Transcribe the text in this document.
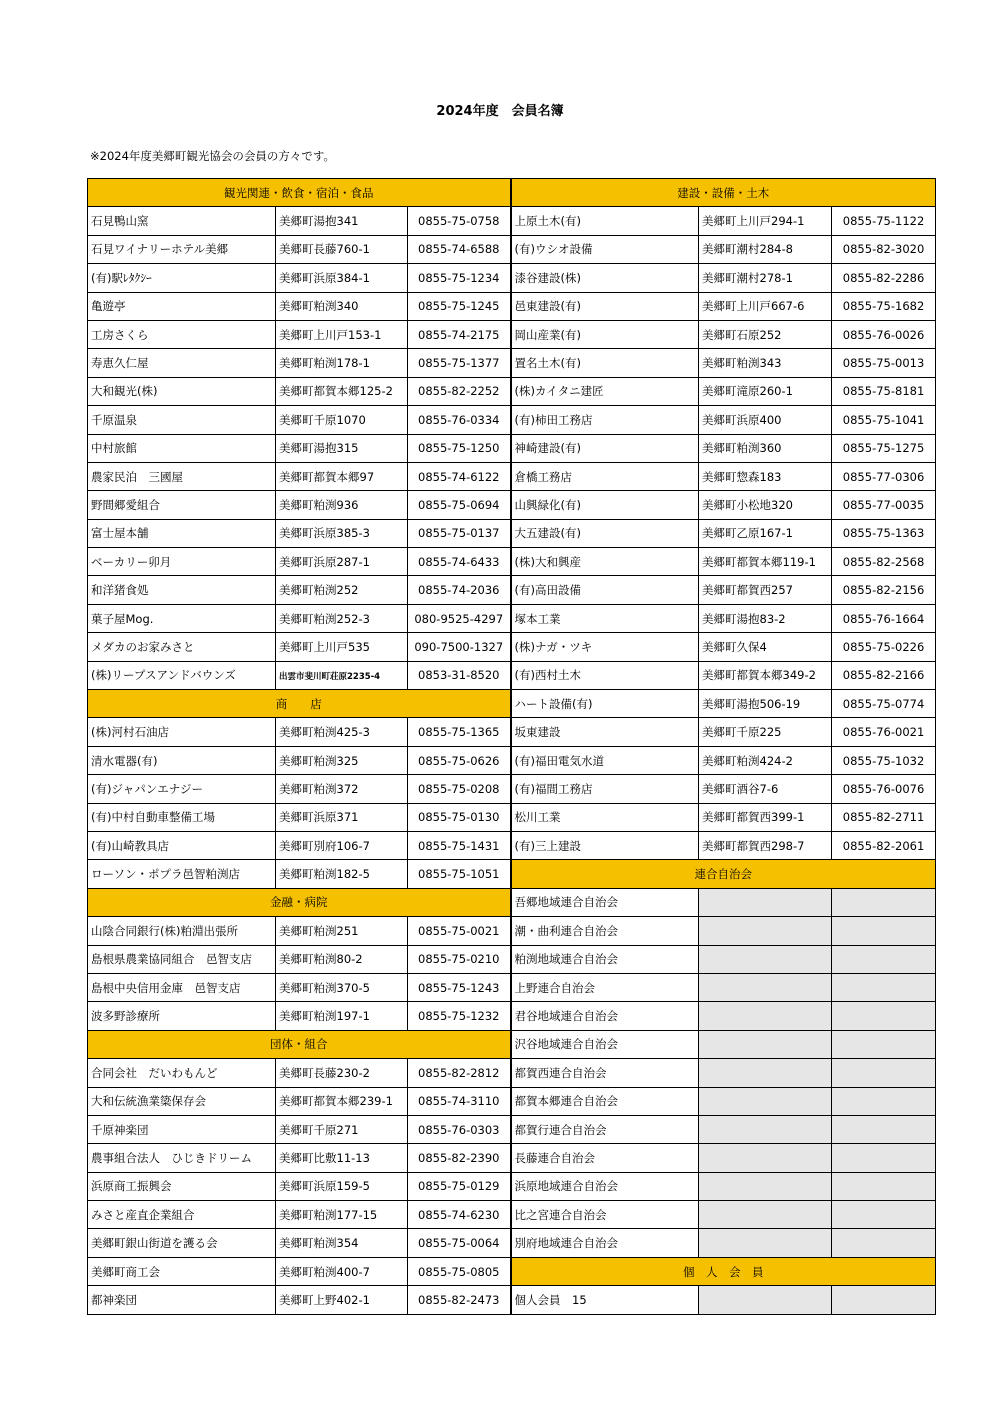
2024年度　会員名簿
※2024年度美郷町観光協会の会員の方々です。
観光関連・飲食・宿泊・食品			建設・設備・土木		
石見鴨山窯	美郷町湯抱341	0855-75-0758	上原土木(有)	美郷町上川戸294-1	0855-75-1122
石見ワイナリーホテル美郷	美郷町長藤760-1	0855-74-6588	(有)ウシオ設備	美郷町潮村284-8	0855-82-3020
(有)駅ﾚﾀｸｼｰ	美郷町浜原384-1	0855-75-1234	漆谷建設(株)	美郷町潮村278-1	0855-82-2286
亀遊亭	美郷町粕渕340	0855-75-1245	邑東建設(有)	美郷町上川戸667-6	0855-75-1682
工房さくら	美郷町上川戸153-1	0855-74-2175	岡山産業(有)	美郷町石原252	0855-76-0026
寿恵久仁屋	美郷町粕渕178-1	0855-75-1377	置名土木(有)	美郷町粕渕343	0855-75-0013
大和観光(株)	美郷町都賀本郷125-2	0855-82-2252	(株)カイタニ建匠	美郷町滝原260-1	0855-75-8181
千原温泉	美郷町千原1070	0855-76-0334	(有)柿田工務店	美郷町浜原400	0855-75-1041
中村旅館	美郷町湯抱315	0855-75-1250	神崎建設(有)	美郷町粕渕360	0855-75-1275
農家民泊　三國屋	美郷町都賀本郷97	0855-74-6122	倉橋工務店	美郷町惣森183	0855-77-0306
野間郷愛組合	美郷町粕渕936	0855-75-0694	山興緑化(有)	美郷町小松地320	0855-77-0035
富士屋本舗	美郷町浜原385-3	0855-75-0137	大五建設(有)	美郷町乙原167-1	0855-75-1363
ベーカリー卯月	美郷町浜原287-1	0855-74-6433	(株)大和興産	美郷町都賀本郷119-1	0855-82-2568
和洋猪食処	美郷町粕渕252	0855-74-2036	(有)高田設備	美郷町都賀西257	0855-82-2156
菓子屋Mog.	美郷町粕渕252-3	080-9525-4297	塚本工業	美郷町湯抱83-2	0855-76-1664
メダカのお家みさと	美郷町上川戸535	090-7500-1327	(株)ナガ・ツキ	美郷町久保4	0855-75-0226
(株)リープスアンドバウンズ	出雲市斐川町荘原2235-4	0853-31-8520	(有)西村土木	美郷町都賀本郷349-2	0855-82-2166
商　　店			ハート設備(有)	美郷町湯抱506-19	0855-75-0774
(株)河村石油店	美郷町粕渕425-3	0855-75-1365	坂東建設	美郷町千原225	0855-76-0021
清水電器(有)	美郷町粕渕325	0855-75-0626	(有)福田電気水道	美郷町粕渕424-2	0855-75-1032
(有)ジャパンエナジー	美郷町粕渕372	0855-75-0208	(有)福間工務店	美郷町酒谷7-6	0855-76-0076
(有)中村自動車整備工場	美郷町浜原371	0855-75-0130	松川工業	美郷町都賀西399-1	0855-82-2711
(有)山崎教具店	美郷町別府106-7	0855-75-1431	(有)三上建設	美郷町都賀西298-7	0855-82-2061
ローソン・ポプラ邑智粕渕店	美郷町粕渕182-5	0855-75-1051	連合自治会		
金融・病院			吾郷地域連合自治会		
山陰合同銀行(株)粕淵出張所	美郷町粕渕251	0855-75-0021	潮・曲利連合自治会		
島根県農業協同組合　邑智支店	美郷町粕渕80-2	0855-75-0210	粕渕地域連合自治会		
島根中央信用金庫　邑智支店	美郷町粕渕370-5	0855-75-1243	上野連合自治会		
波多野診療所	美郷町粕渕197-1	0855-75-1232	君谷地域連合自治会		
団体・組合			沢谷地域連合自治会		
合同会社　だいわもんど	美郷町長藤230-2	0855-82-2812	都賀西連合自治会		
大和伝統漁業簗保存会	美郷町都賀本郷239-1	0855-74-3110	都賀本郷連合自治会		
千原神楽団	美郷町千原271	0855-76-0303	都賀行連合自治会		
農事組合法人　ひじきドリーム	美郷町比敷11-13	0855-82-2390	長藤連合自治会		
浜原商工振興会	美郷町浜原159-5	0855-75-0129	浜原地域連合自治会		
みさと産直企業組合	美郷町粕渕177-15	0855-74-6230	比之宮連合自治会		
美郷町銀山街道を護る会	美郷町粕渕354	0855-75-0064	別府地域連合自治会		
美郷町商工会	美郷町粕渕400-7	0855-75-0805	個　人　会　員		
都神楽団	美郷町上野402-1	0855-82-2473	個人会員　15		
